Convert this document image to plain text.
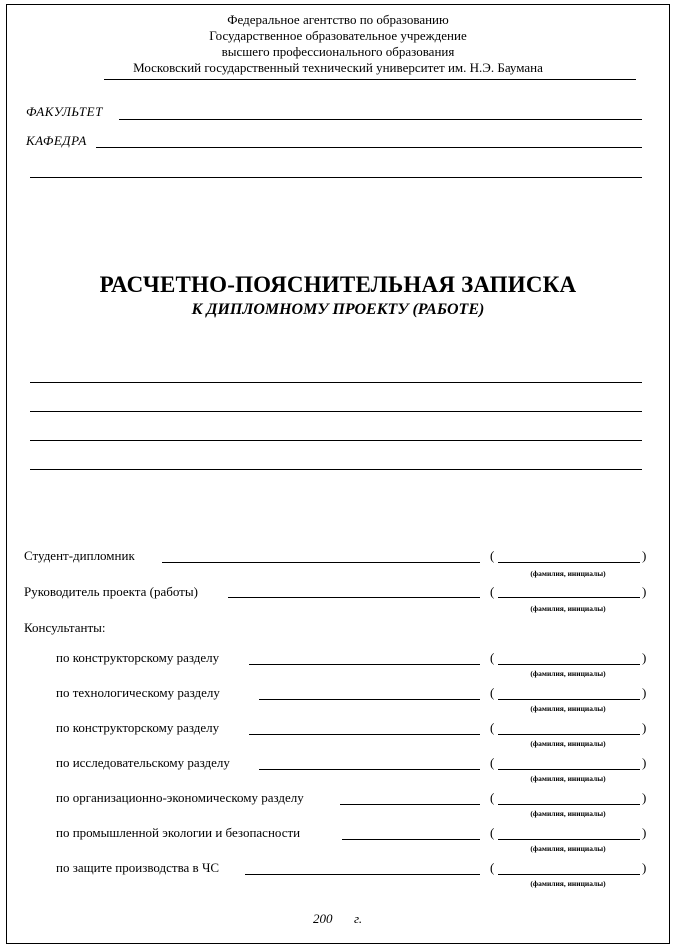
Федеральное агентство по образованию
Государственное образовательное учреждение
высшего профессионального образования
Московский государственный технический университет им. Н.Э. Баумана
ФАКУЛЬТЕТ
КАФЕДРА
РАСЧЕТНО-ПОЯСНИТЕЛЬНАЯ ЗАПИСКА
К ДИПЛОМНОМУ ПРОЕКТУ (РАБОТЕ)
Студент-дипломник	(	)
(фамилия, инициалы)
Руководитель проекта (работы)	(	)
(фамилия, инициалы)
Консультанты:
по конструкторскому разделу	(	)
(фамилия, инициалы)
по технологическому разделу	(	)
(фамилия, инициалы)
по конструкторскому разделу	(	)
(фамилия, инициалы)
по исследовательскому разделу	(	)
(фамилия, инициалы)
по организационно-экономическому разделу	(	)
(фамилия, инициалы)
по промышленной экологии и безопасности	(	)
(фамилия, инициалы)
по защите производства в ЧС	(	)
(фамилия, инициалы)
200 г.
